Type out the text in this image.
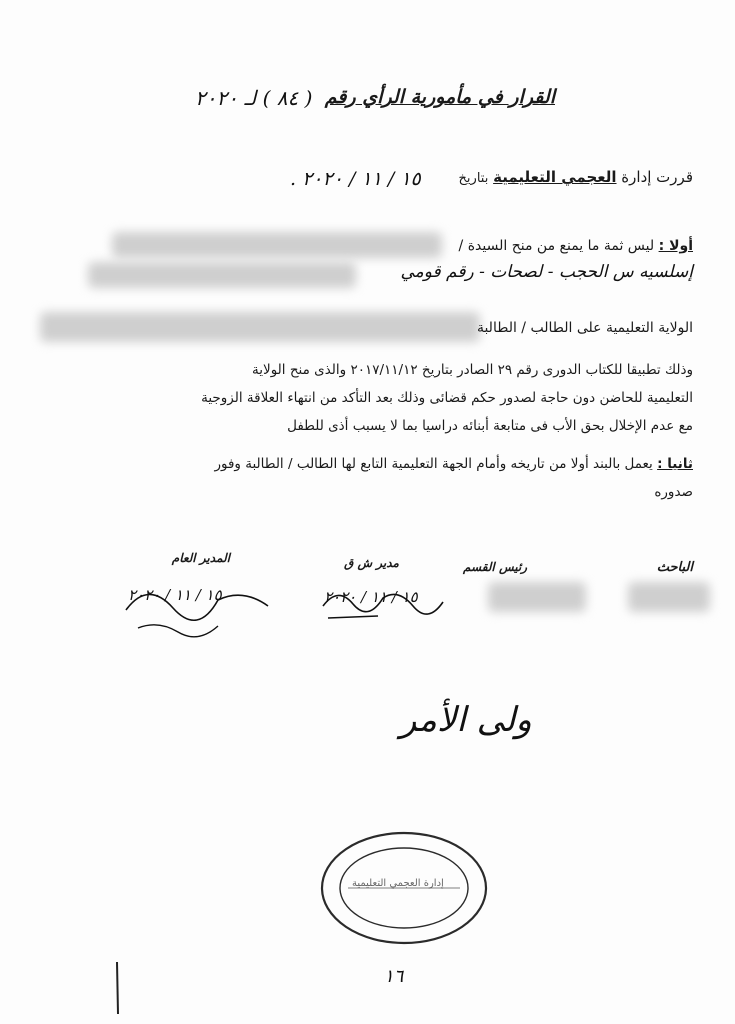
القرار في مأمورية الرأي رقم
( ٨٤ ) لـ ٢٠٢٠
قررت إدارة العجمي التعليمية بتاريخ
١٥ / ١١ / ٢٠٢٠ .
أولا : ليس ثمة ما يمنع من منح السيدة /
إسلسيه س الحجب - لصحات - رقم قومي
الولاية التعليمية على الطالب / الطالبة
وذلك تطبيقا للكتاب الدورى رقم ٢٩ الصادر بتاريخ ٢٠١٧/١١/١٢ والذى منح الولاية
التعليمية للحاضن دون حاجة لصدور حكم قضائى وذلك بعد التأكد من انتهاء العلاقة الزوجية
مع عدم الإخلال بحق الأب فى متابعة أبنائه دراسيا بما لا يسبب أذى للطفل
ثانيا : يعمل بالبند أولا من تاريخه وأمام الجهة التعليمية التابع لها الطالب / الطالبة وفور
صدوره
الباحث
رئيس القسم
مدير ش ق
المدير العام
١٥ / ١١ / ٢٠٢٠
١٥ / ١١ / ٢٠٢٠
ولى الأمر
إدارة العجمي التعليمية
١٦
